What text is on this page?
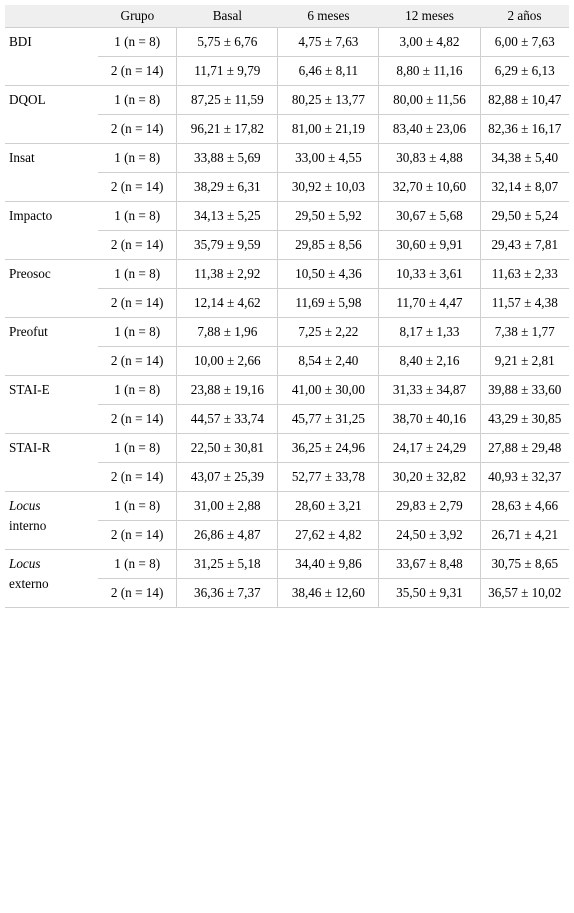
	Grupo	Basal	6 meses	12 meses	2 años
BDI	1 (n = 8)	5,75 ± 6,76	4,75 ± 7,63	3,00 ± 4,82	6,00 ± 7,63
	2 (n = 14)	11,71 ± 9,79	6,46 ± 8,11	8,80 ± 11,16	6,29 ± 6,13
DQOL	1 (n = 8)	87,25 ± 11,59	80,25 ± 13,77	80,00 ± 11,56	82,88 ± 10,47
	2 (n = 14)	96,21 ± 17,82	81,00 ± 21,19	83,40 ± 23,06	82,36 ± 16,17
Insat	1 (n = 8)	33,88 ± 5,69	33,00 ± 4,55	30,83 ± 4,88	34,38 ± 5,40
	2 (n = 14)	38,29 ± 6,31	30,92 ± 10,03	32,70 ± 10,60	32,14 ± 8,07
Impacto	1 (n = 8)	34,13 ± 5,25	29,50 ± 5,92	30,67 ± 5,68	29,50 ± 5,24
	2 (n = 14)	35,79 ± 9,59	29,85 ± 8,56	30,60 ± 9,91	29,43 ± 7,81
Preosoc	1 (n = 8)	11,38 ± 2,92	10,50 ± 4,36	10,33 ± 3,61	11,63 ± 2,33
	2 (n = 14)	12,14 ± 4,62	11,69 ± 5,98	11,70 ± 4,47	11,57 ± 4,38
Preofut	1 (n = 8)	7,88 ± 1,96	7,25 ± 2,22	8,17 ± 1,33	7,38 ± 1,77
	2 (n = 14)	10,00 ± 2,66	8,54 ± 2,40	8,40 ± 2,16	9,21 ± 2,81
STAI-E	1 (n = 8)	23,88 ± 19,16	41,00 ± 30,00	31,33 ± 34,87	39,88 ± 33,60
	2 (n = 14)	44,57 ± 33,74	45,77 ± 31,25	38,70 ± 40,16	43,29 ± 30,85
STAI-R	1 (n = 8)	22,50 ± 30,81	36,25 ± 24,96	24,17 ± 24,29	27,88 ± 29,48
	2 (n = 14)	43,07 ± 25,39	52,77 ± 33,78	30,20 ± 32,82	40,93 ± 32,37
Locus
interno	1 (n = 8)	31,00 ± 2,88	28,60 ± 3,21	29,83 ± 2,79	28,63 ± 4,66
	2 (n = 14)	26,86 ± 4,87	27,62 ± 4,82	24,50 ± 3,92	26,71 ± 4,21
Locus
externo	1 (n = 8)	31,25 ± 5,18	34,40 ± 9,86	33,67 ± 8,48	30,75 ± 8,65
	2 (n = 14)	36,36 ± 7,37	38,46 ± 12,60	35,50 ± 9,31	36,57 ± 10,02
